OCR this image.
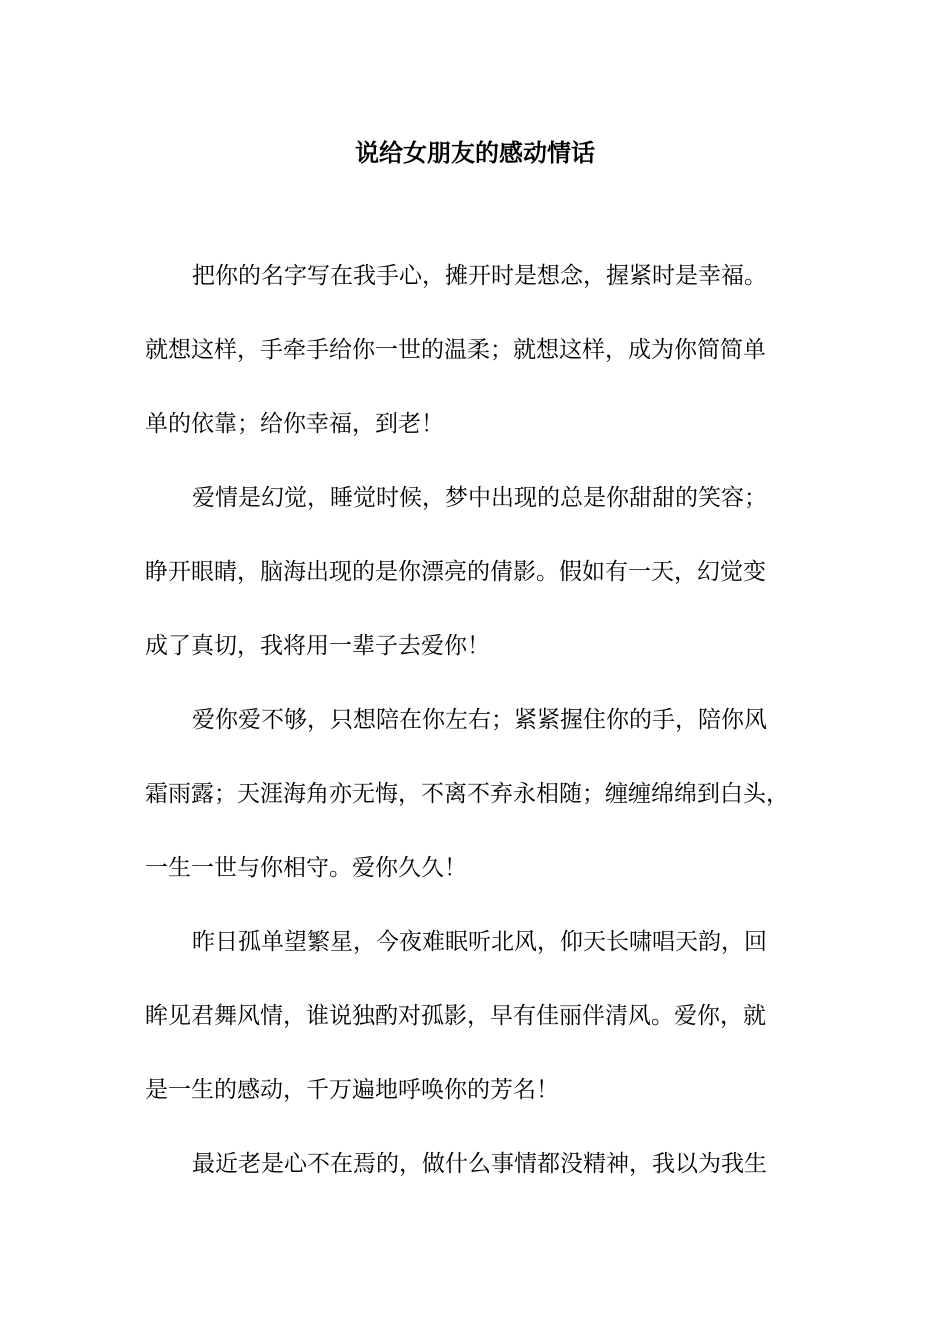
说给女朋友的感动情话
把你的名字写在我手心，摊开时是想念，握紧时是幸福。
就想这样，手牵手给你一世的温柔；就想这样，成为你简简单
单的依靠；给你幸福，到老！
爱情是幻觉，睡觉时候，梦中出现的总是你甜甜的笑容；
睁开眼睛，脑海出现的是你漂亮的倩影。假如有一天，幻觉变
成了真切，我将用一辈子去爱你！
爱你爱不够，只想陪在你左右；紧紧握住你的手，陪你风
霜雨露；天涯海角亦无悔，不离不弃永相随；缠缠绵绵到白头，
一生一世与你相守。爱你久久！
昨日孤单望繁星，今夜难眠听北风，仰天长啸唱天韵，回
眸见君舞风情，谁说独酌对孤影，早有佳丽伴清风。爱你，就
是一生的感动，千万遍地呼唤你的芳名！
最近老是心不在焉的，做什么事情都没精神，我以为我生
